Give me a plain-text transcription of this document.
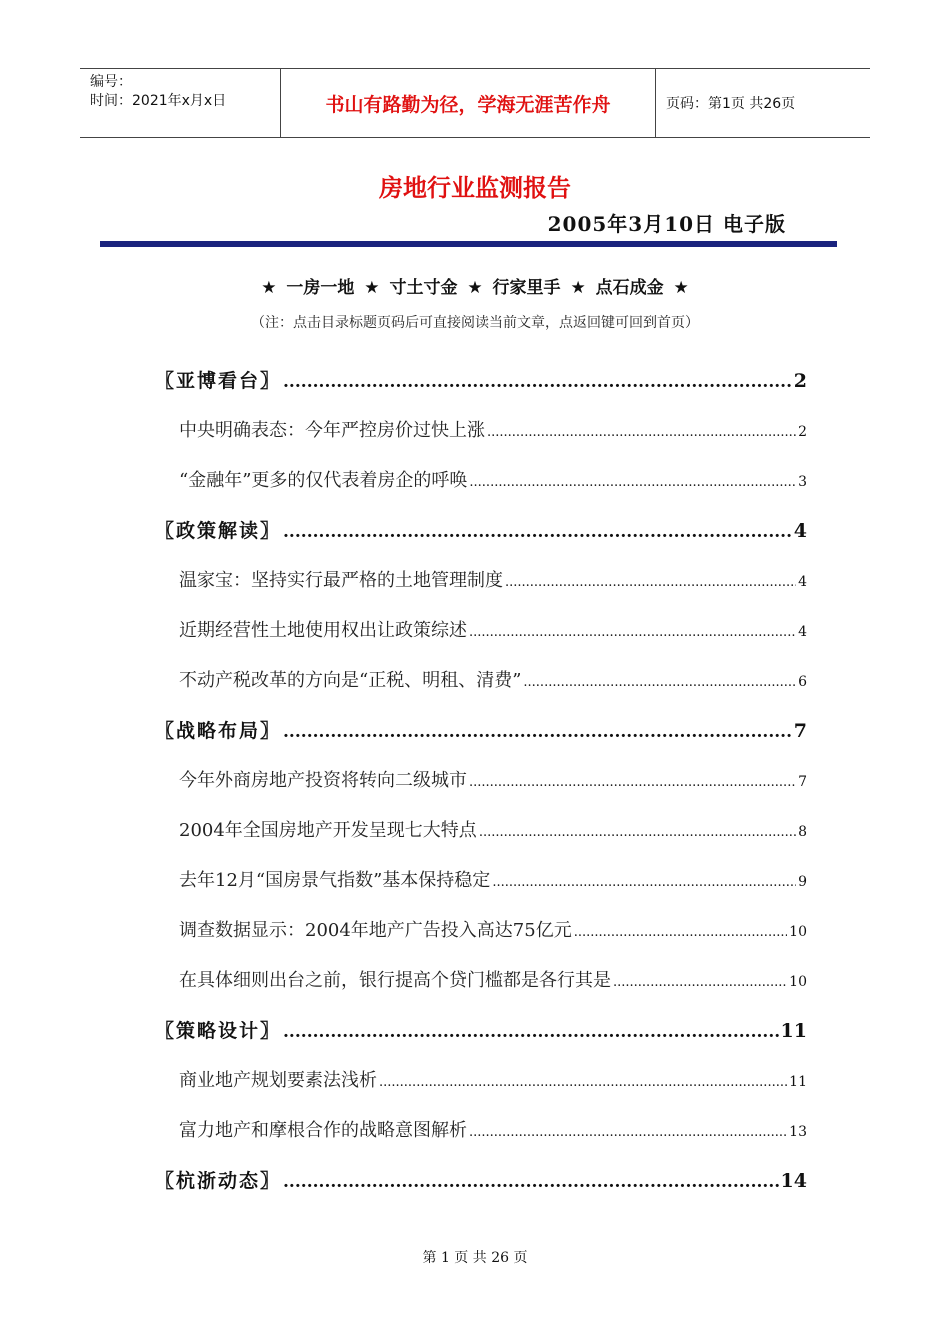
编号：
时间：2021年x月x日	书山有路勤为径，学海无涯苦作舟	页码：第1页 共26页
房地行业监测报告
2005年3月10日 电子版
★ 一房一地 ★ 寸土寸金 ★ 行家里手 ★ 点石成金 ★
（注：点击目录标题页码后可直接阅读当前文章，点返回键可回到首页）
〖亚博看台〗 .....	2
中央明确表态：今年严控房价过快上涨 .....	2
“金融年”更多的仅代表着房企的呼唤 .....	3
〖政策解读〗 .....	4
温家宝：坚持实行最严格的土地管理制度 .....	4
近期经营性土地使用权出让政策综述 .....	4
不动产税改革的方向是“正税、明租、清费” .....	6
〖战略布局〗 .....	7
今年外商房地产投资将转向二级城市 .....	7
2004年全国房地产开发呈现七大特点 .....	8
去年12月“国房景气指数”基本保持稳定 .....	9
调查数据显示：2004年地产广告投入高达75亿元 .....	10
在具体细则出台之前，银行提高个贷门槛都是各行其是 .....	10
〖策略设计〗 .....	11
商业地产规划要素法浅析 .....	11
富力地产和摩根合作的战略意图解析 .....	13
〖杭浙动态〗 .....	14
第 1 页 共 26 页
